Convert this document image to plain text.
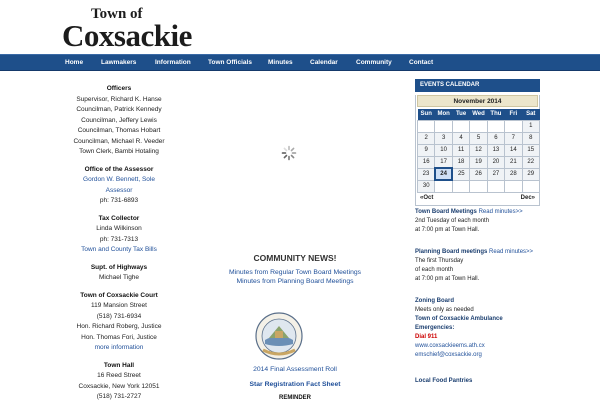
Town of
Coxsackie
Home	Lawmakers	Information	Town Officials Minutes	Calendar	Community	Contact
Officers
Supervisor, Richard K. Hanse
Councilman, Patrick Kennedy
Councilman, Jeffery Lewis
Councilman, Thomas Hobart
Councilman, Michael R. Veeder
Town Clerk, Bambi Hotaling
Office of the Assessor
Gordon W. Bennett, Sole
Assessor
ph: 731-6893
Tax Collector
Linda Wilkinson
ph: 731-7313
Town and County Tax Bills
Supt. of Highways
Michael Tighe
Town of Coxsackie Court
119 Mansion Street
(518) 731-6934
Hon. Richard Roberg, Justice
Hon. Thomas Fori, Justice
more information
Town Hall
16 Reed Street
Coxsackie, New York 12051
(518) 731-2727
COMMUNITY NEWS!
Minutes from Regular Town Board Meetings
Minutes from Planning Board Meetings
2014 Final Assessment Roll
Star Registration Fact Sheet
REMINDER
EVENTS CALENDAR
November 2014
Sun	Mon	Tue	Wed	Thu	Fri	Sat
						1
2	3	4	5	6	7	8
9	10	11	12	13	14	15
16	17	18	19	20	21	22
23	24	25	26	27	28	29
30						
«Oct	Dec»
Town Board Meetings Read minutes>>
2nd Tuesday of each month
at 7:00 pm at Town Hall.
Planning Board meetings Read minutes>>
The first Thursday
of each month
at 7:00 pm at Town Hall.
Zoning Board
Meets only as needed
Town of Coxsackie Ambulance
Emergencies:
Dial 911
www.coxsackieems.ath.cx
emschief@coxsackie.org
Local Food Pantries
